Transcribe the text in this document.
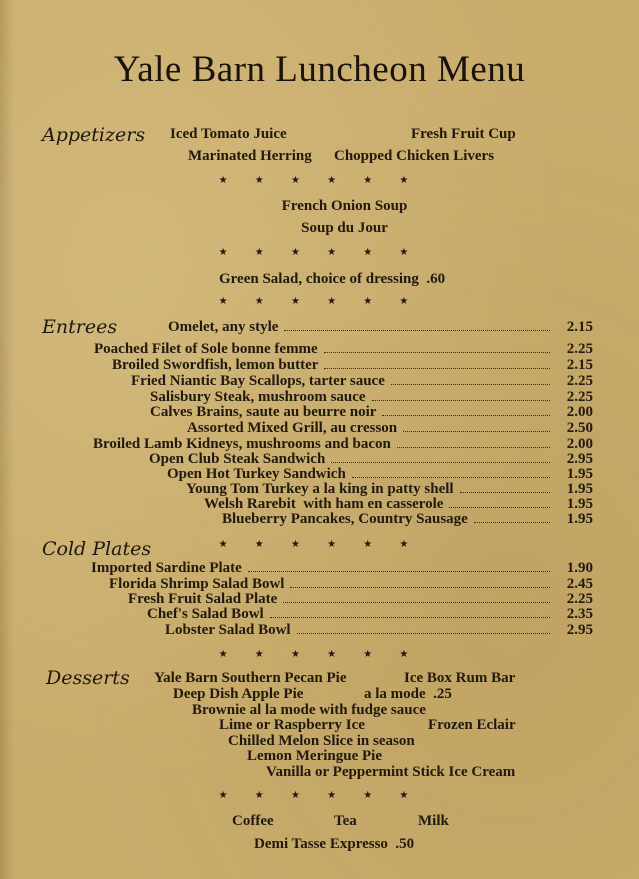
Yale Barn Luncheon Menu
Appetizers Iced Tomato Juice	Fresh Fruit Cup
Marinated Herring Chopped Chicken Livers
★ ★ ★ ★ ★ ★
French Onion Soup
Soup du Jour
★ ★ ★ ★ ★ ★
Green Salad, choice of dressing  .60
★ ★ ★ ★ ★ ★
Entrees	Omelet, any style	2.15
Poached Filet of Sole bonne femme	2.25
Broiled Swordfish, lemon butter	2.15
Fried Niantic Bay Scallops, tarter sauce	2.25
Salisbury Steak, mushroom sauce	2.25
Calves Brains, saute au beurre noir	2.00
Assorted Mixed Grill, au cresson	2.50
Broiled Lamb Kidneys, mushrooms and bacon	2.00
Open Club Steak Sandwich	2.95
Open Hot Turkey Sandwich	1.95
Young Tom Turkey a la king in patty shell	1.95
Welsh Rarebit  with ham en casserole	1.95
Blueberry Pancakes, Country Sausage	1.95
Cold Plates	★ ★ ★ ★ ★ ★
Imported Sardine Plate	1.90
Florida Shrimp Salad Bowl	2.45
Fresh Fruit Salad Plate	2.25
Chef's Salad Bowl	2.35
Lobster Salad Bowl	2.95
★ ★ ★ ★ ★ ★
Desserts Yale Barn Southern Pecan Pie	Ice Box Rum Bar
Deep Dish Apple Pie	a la mode  .25
Brownie al la mode with fudge sauce
Lime or Raspberry Ice	Frozen Eclair
Chilled Melon Slice in season
Lemon Meringue Pie
Vanilla or Peppermint Stick Ice Cream
★ ★ ★ ★ ★ ★
Coffee	Tea	Milk
Demi Tasse Expresso  .50
